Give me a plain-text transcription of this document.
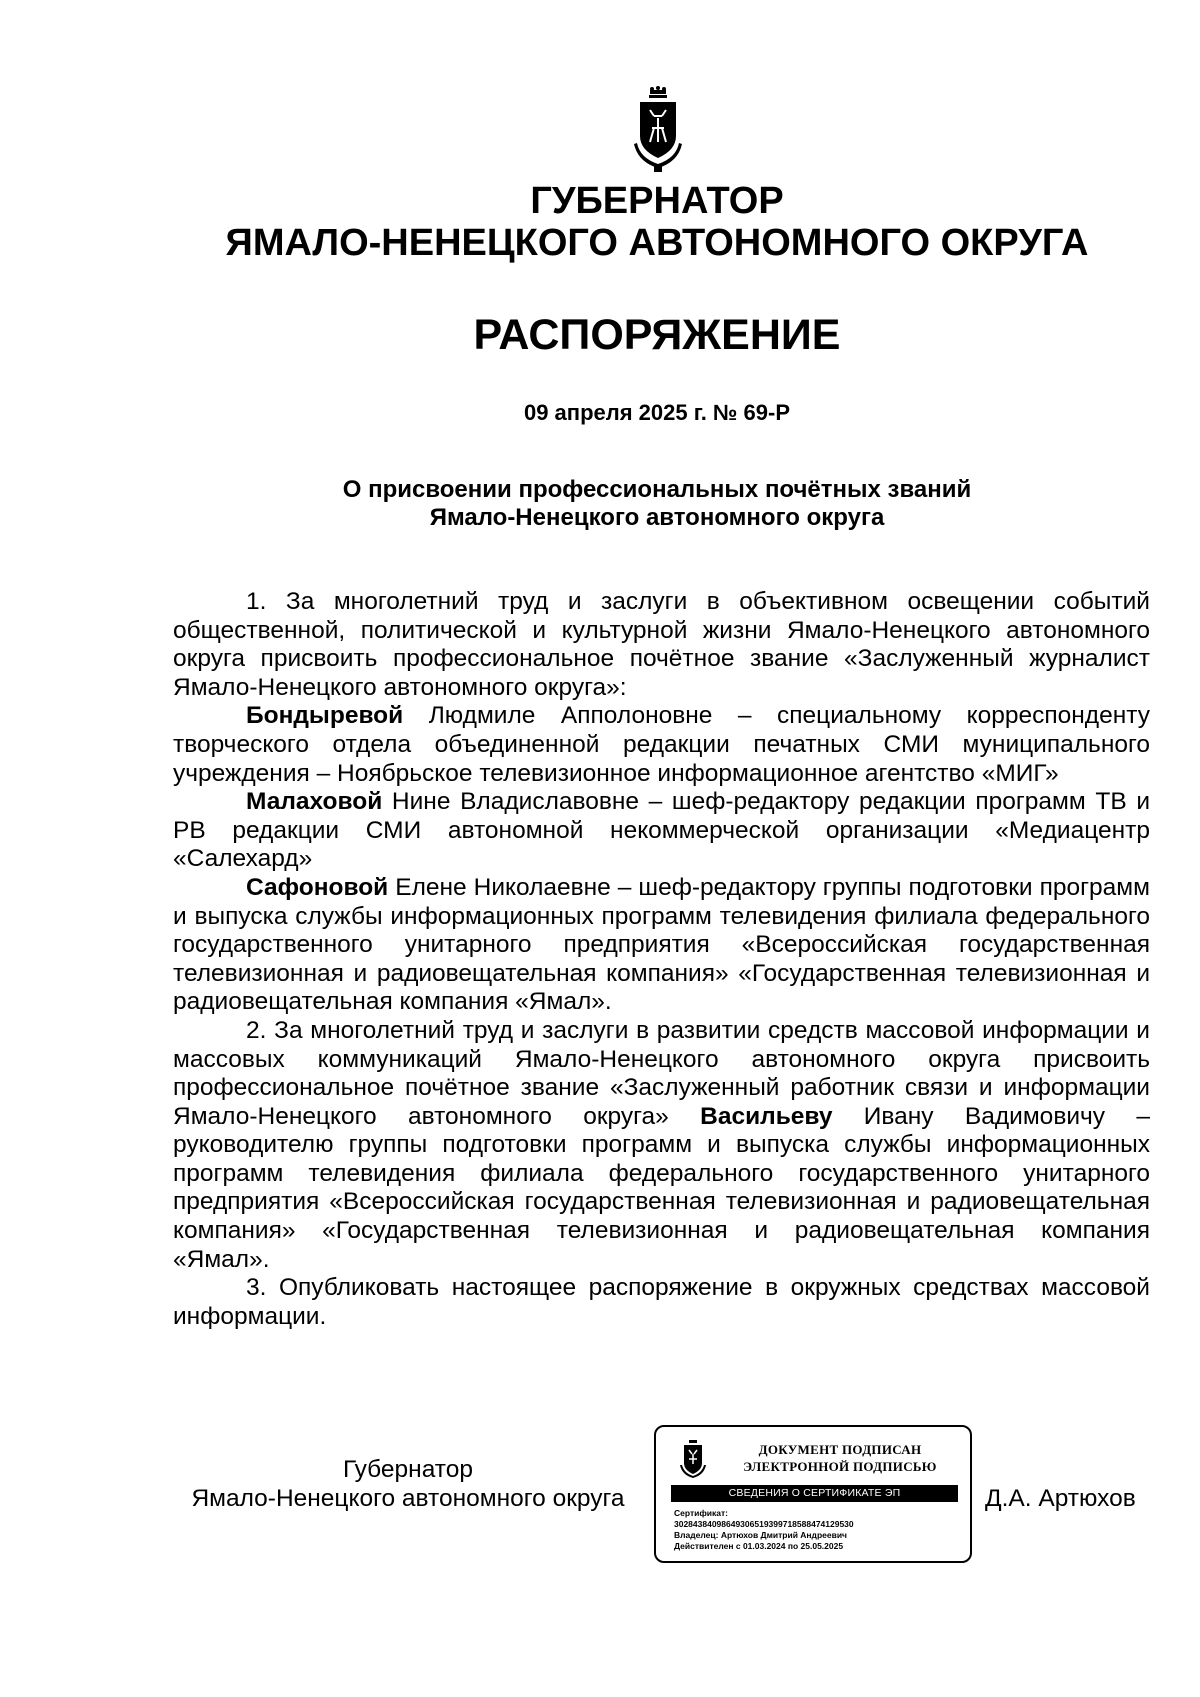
ГУБЕРНАТОР
ЯМАЛО-НЕНЕЦКОГО АВТОНОМНОГО ОКРУГА
РАСПОРЯЖЕНИЕ
09 апреля 2025 г. № 69-Р
О присвоении профессиональных почётных званий
Ямало-Ненецкого автономного округа

1. За многолетний труд и заслуги в объективном освещении событий общественной, политической и культурной жизни Ямало-Ненецкого автономного округа присвоить профессиональное почётное звание «Заслуженный журналист Ямало-Ненецкого автономного округа»:

Бондыревой Людмиле Апполоновне – специальному корреспонденту творческого отдела объединенной редакции печатных СМИ муниципального учреждения – Ноябрьское телевизионное информационное агентство «МИГ»

Малаховой Нине Владиславовне – шеф-редактору редакции программ ТВ и РВ редакции СМИ автономной некоммерческой организации «Медиацентр «Салехард»

Сафоновой Елене Николаевне – шеф-редактору группы подготовки программ и выпуска службы информационных программ телевидения филиала федерального государственного унитарного предприятия «Всероссийская государственная телевизионная и радиовещательная компания» «Государственная телевизионная и радиовещательная компания «Ямал».

2. За многолетний труд и заслуги в развитии средств массовой информации и массовых коммуникаций Ямало-Ненецкого автономного округа присвоить профессиональное почётное звание «Заслуженный работник связи и информации Ямало-Ненецкого автономного округа» Васильеву Ивану Вадимовичу – руководителю группы подготовки программ и выпуска службы информационных программ телевидения филиала федерального государственного унитарного предприятия «Всероссийская государственная телевизионная и радиовещательная компания» «Государственная телевизионная и радиовещательная компания «Ямал».

3. Опубликовать настоящее распоряжение в окружных средствах массовой информации.

Губернатор
Ямало-Ненецкого автономного округа
ДОКУМЕНТ ПОДПИСАН
ЭЛЕКТРОННОЙ ПОДПИСЬЮ
СВЕДЕНИЯ О СЕРТИФИКАТЕ ЭП
Сертификат:
30284384098649306519399718588474129530
Владелец: Артюхов Дмитрий Андреевич
Действителен с 01.03.2024 по 25.05.2025
Д.А. Артюхов
